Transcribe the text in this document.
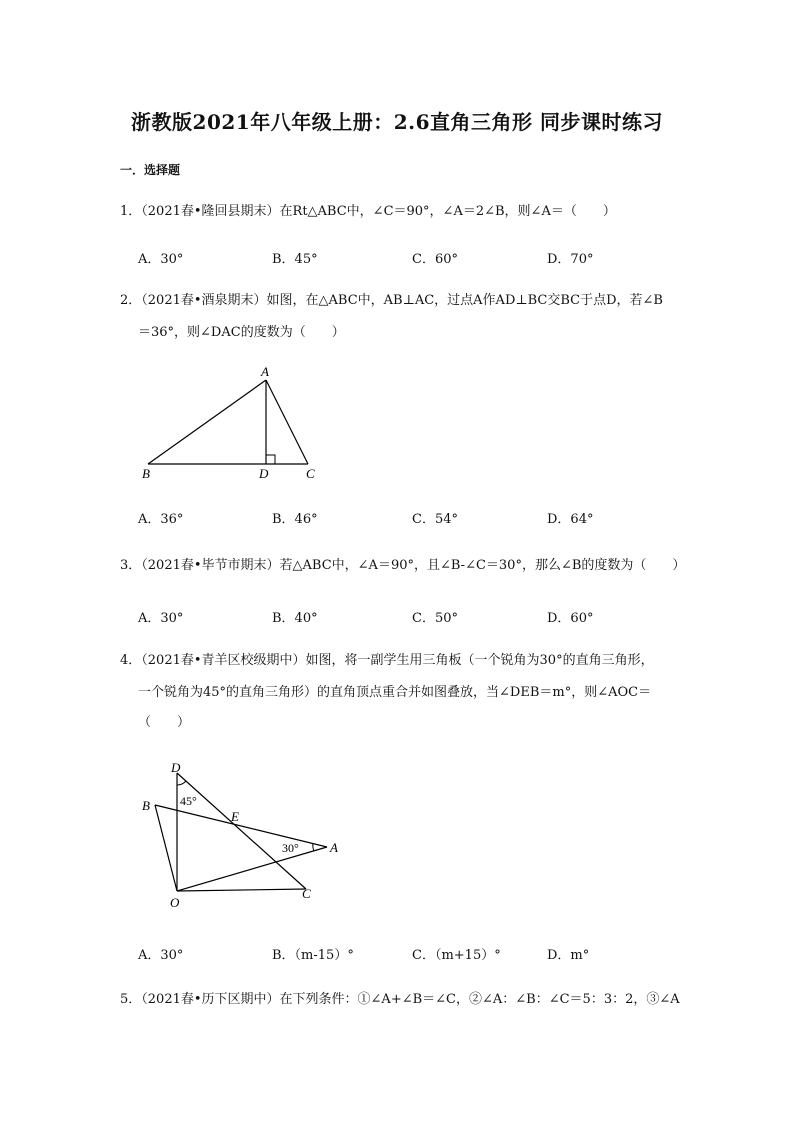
浙教版2021年八年级上册：2.6直角三角形 同步课时练习
一．选择题
1．（2021春•隆回县期末）在Rt△ABC中，∠C＝90°，∠A＝2∠B，则∠A＝（　　）
A．30°	B．45°	C．60°	D．70°
2．（2021春•酒泉期末）如图，在△ABC中，AB⊥AC，过点A作AD⊥BC交BC于点D，若∠B
＝36°，则∠DAC的度数为（　　）
A
B	D	C
A．36°	B．46°	C．54°	D．64°
3．（2021春•毕节市期末）若△ABC中，∠A＝90°，且∠B-∠C＝30°，那么∠B的度数为（　　）
A．30°	B．40°	C．50°	D．60°
4．（2021春•青羊区校级期中）如图，将一副学生用三角板（一个锐角为30°的直角三角形，
一个锐角为45°的直角三角形）的直角顶点重合并如图叠放，当∠DEB＝m°，则∠AOC＝
（　　）
D
B
E
A
O
C
45°
30°
A．30°	B．（m-15）°	C．（m+15）°	D．m°
5．（2021春•历下区期中）在下列条件：①∠A+∠B＝∠C，②∠A：∠B：∠C＝5：3：2，③∠A
